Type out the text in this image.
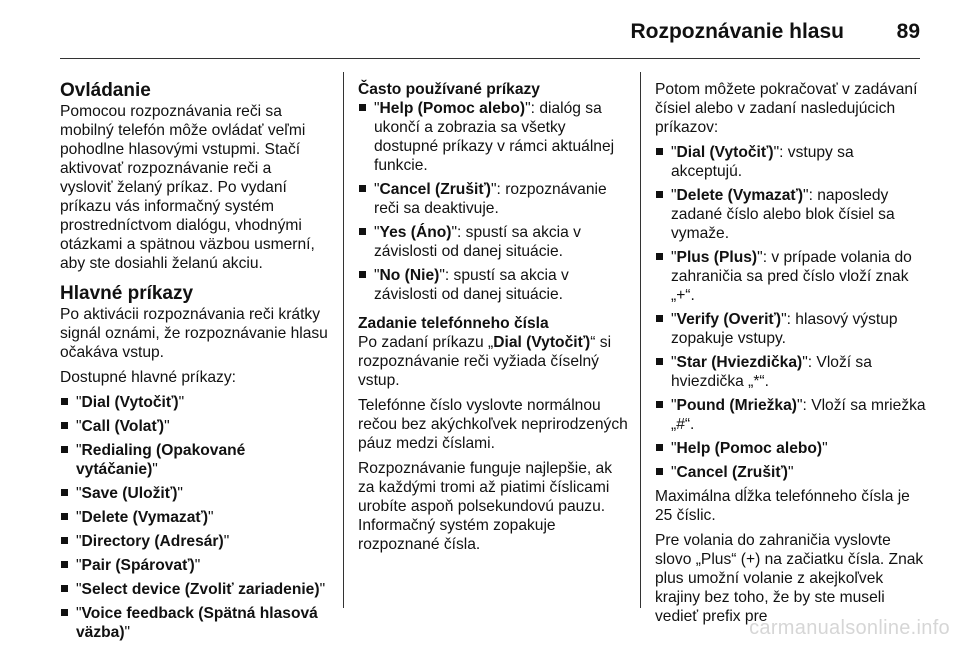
Rozpoznávanie hlasu	89
Ovládanie

Pomocou rozpoznávania reči sa mobilný telefón môže ovládať veľmi pohodlne hlasovými vstupmi. Stačí aktivovať rozpoznávanie reči a vysloviť želaný príkaz. Po vydaní príkazu vás informačný systém prostredníctvom dialógu, vhodnými otázkami a spätnou väzbou usmerní, aby ste dosiahli želanú akciu.

Hlavné príkazy

Po aktivácii rozpoznávania reči krátky signál oznámi, že rozpoznávanie hlasu očakáva vstup.

Dostupné hlavné príkazy:

"Dial (Vytočiť)"
"Call (Volať)"
"Redialing (Opakované vytáčanie)"
"Save (Uložiť)"
"Delete (Vymazať)"
"Directory (Adresár)"
"Pair (Spárovať)"
"Select device (Zvoliť zariadenie)"
"Voice feedback (Spätná hlasová väzba)"
Často používané príkazy
"Help (Pomoc alebo)": dialóg sa ukončí a zobrazia sa všetky dostupné príkazy v rámci aktuálnej funkcie.
"Cancel (Zrušiť)": rozpoznávanie reči sa deaktivuje.
"Yes (Áno)": spustí sa akcia v závislosti od danej situácie.
"No (Nie)": spustí sa akcia v závislosti od danej situácie.
Zadanie telefónneho čísla

Po zadaní príkazu „Dial (Vytočiť)“ si rozpoznávanie reči vyžiada číselný vstup.

Telefónne číslo vyslovte normálnou rečou bez akýchkoľvek neprirodzených páuz medzi číslami.

Rozpoznávanie funguje najlepšie, ak za každými tromi až piatimi číslicami urobíte aspoň polsekundovú pauzu. Informačný systém zopakuje rozpoznané čísla.

Potom môžete pokračovať v zadávaní čísiel alebo v zadaní nasledujúcich príkazov:

"Dial (Vytočiť)": vstupy sa akceptujú.
"Delete (Vymazať)": naposledy zadané číslo alebo blok čísiel sa vymaže.
"Plus (Plus)": v prípade volania do zahraničia sa pred číslo vloží znak „+“.
"Verify (Overiť)": hlasový výstup zopakuje vstupy.
"Star (Hviezdička)": Vloží sa hviezdička „*“.
"Pound (Mriežka)": Vloží sa mriežka „#“.
"Help (Pomoc alebo)"
"Cancel (Zrušiť)"

Maximálna dĺžka telefónneho čísla je 25 číslic.

Pre volania do zahraničia vyslovte slovo „Plus“ (+) na začiatku čísla. Znak plus umožní volanie z akejkoľvek krajiny bez toho, že by ste museli vedieť prefix pre

carmanualsonline.info
